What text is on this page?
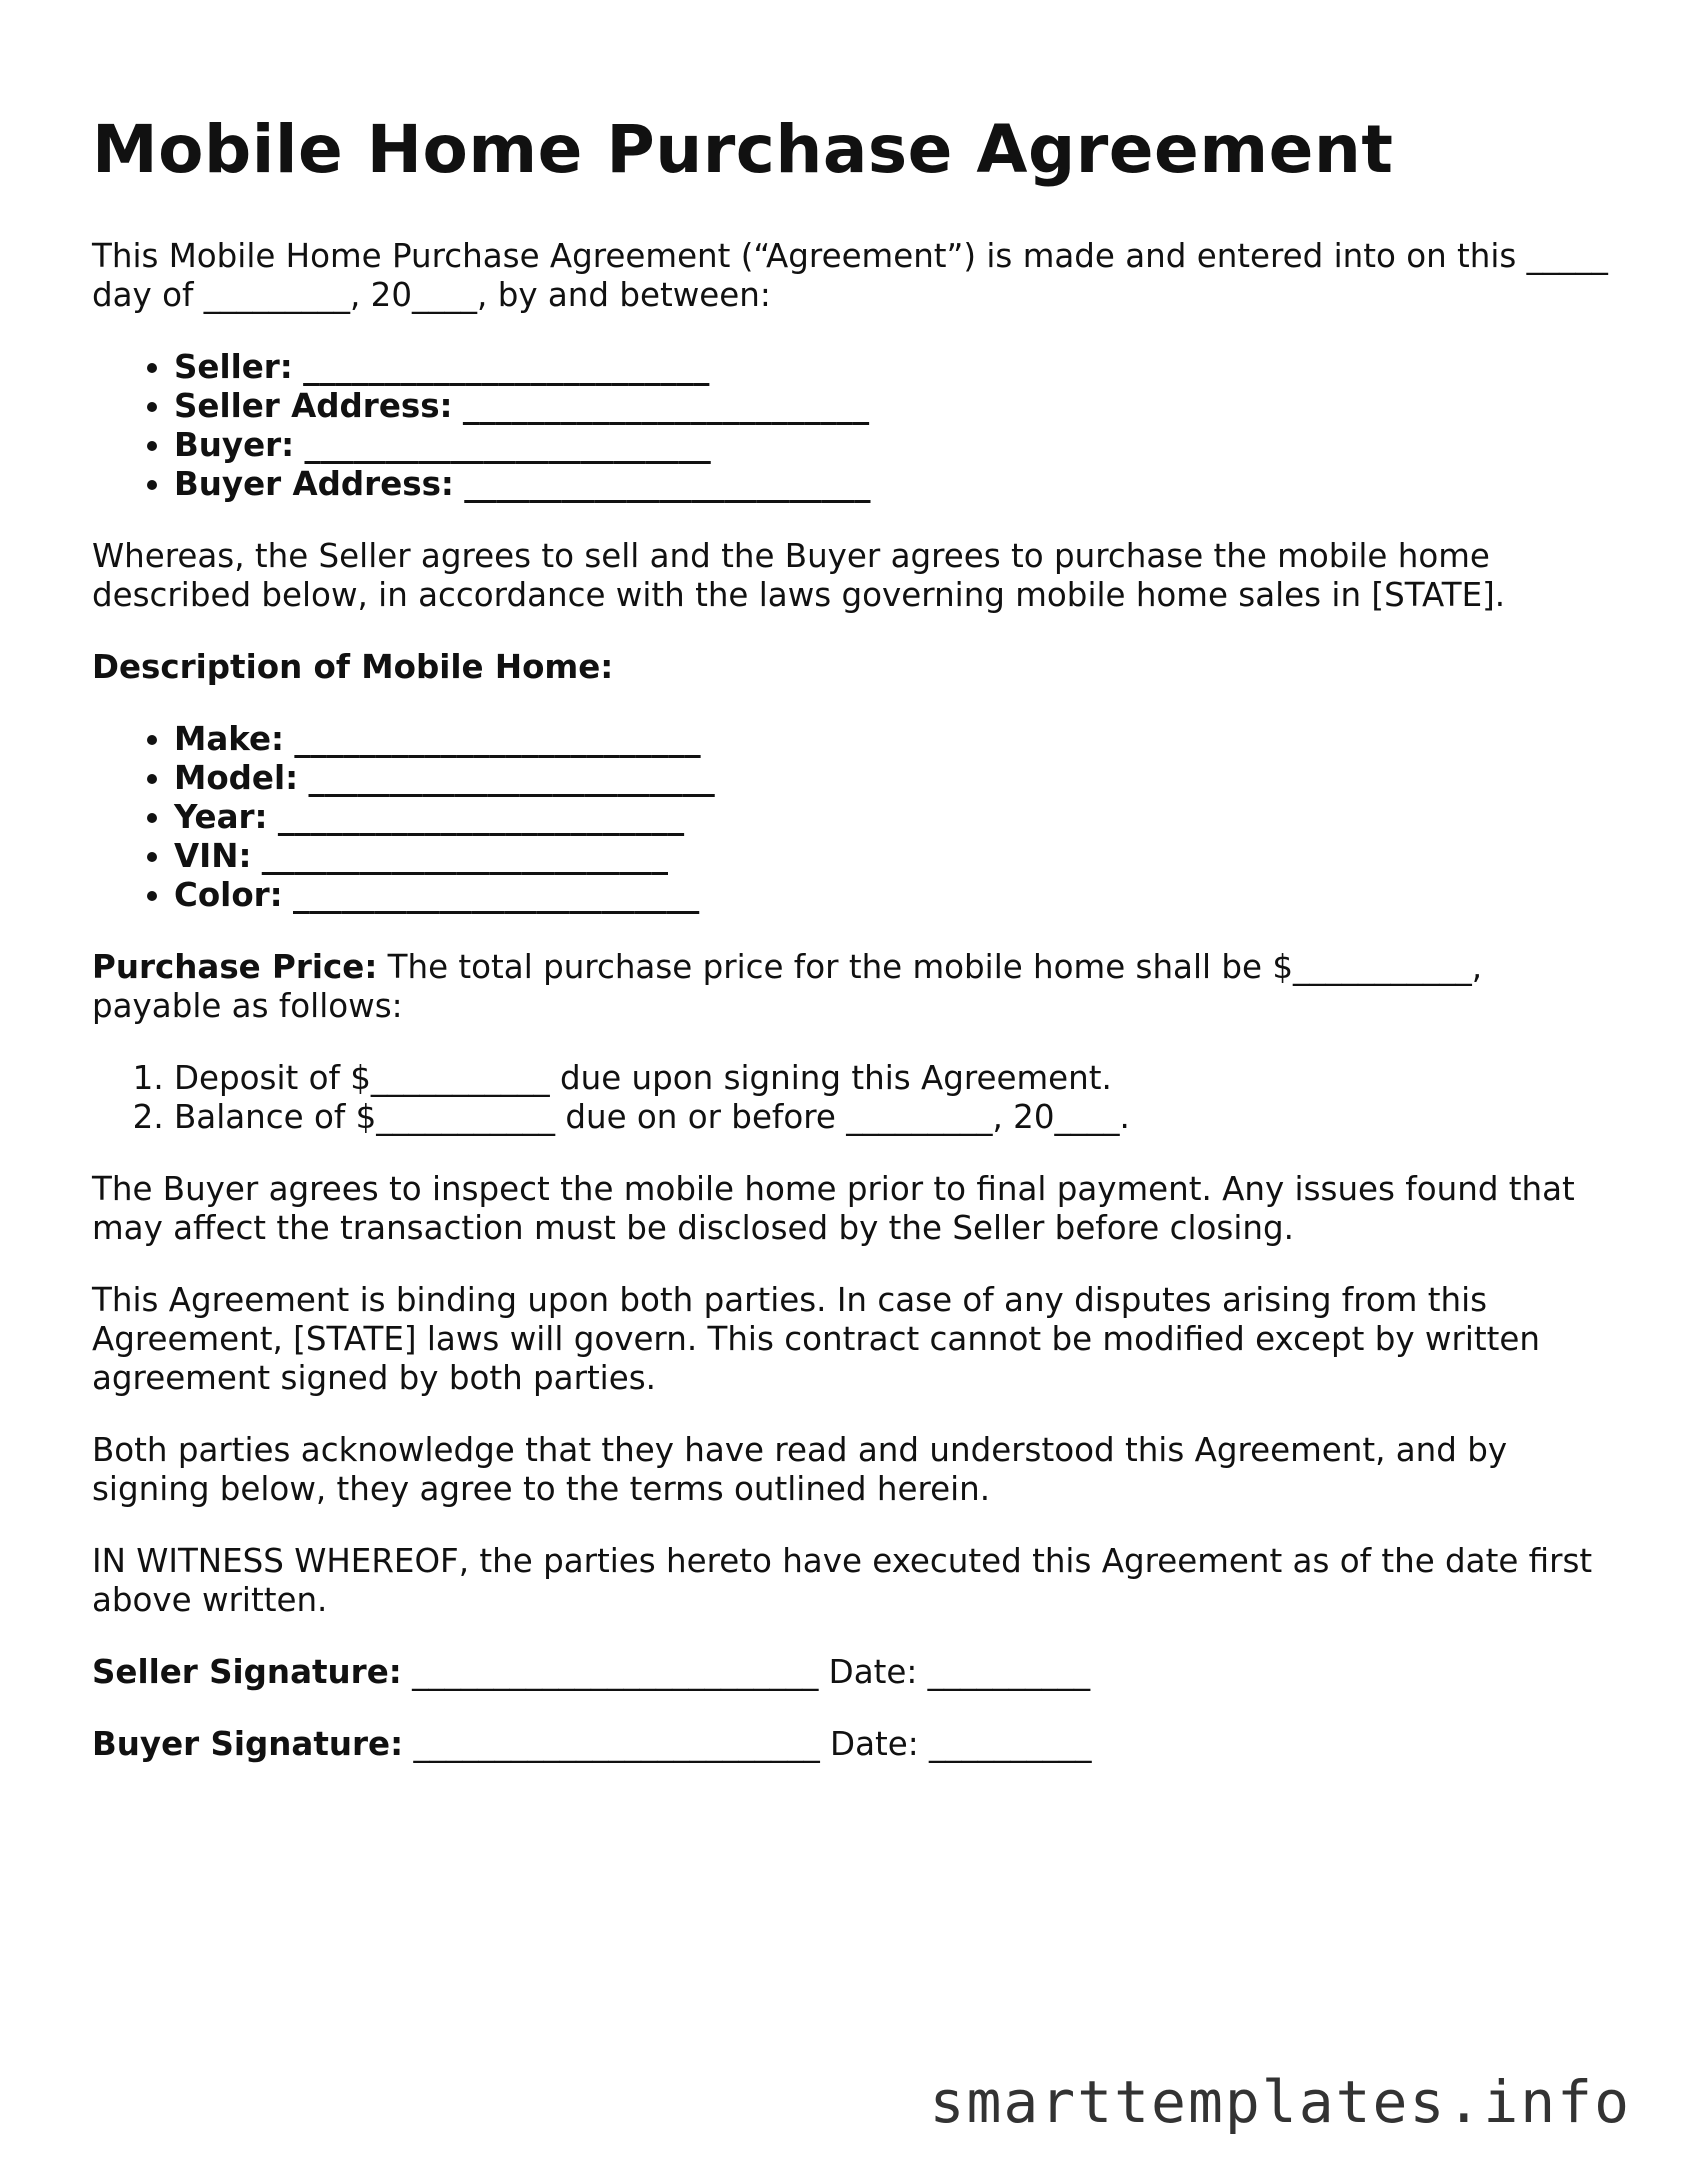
Mobile Home Purchase Agreement

This Mobile Home Purchase Agreement (“Agreement”) is made and entered into on this _____ day of _________, 20____, by and between:

• Seller: _________________________
• Seller Address: _________________________
• Buyer: _________________________
• Buyer Address: _________________________

Whereas, the Seller agrees to sell and the Buyer agrees to purchase the mobile home described below, in accordance with the laws governing mobile home sales in [STATE].

Description of Mobile Home:

• Make: _________________________
• Model: _________________________
• Year: _________________________
• VIN: _________________________
• Color: _________________________

Purchase Price: The total purchase price for the mobile home shall be $___________, payable as follows:

1. Deposit of $___________ due upon signing this Agreement.
2. Balance of $___________ due on or before _________, 20____.

The Buyer agrees to inspect the mobile home prior to final payment. Any issues found that may affect the transaction must be disclosed by the Seller before closing.

This Agreement is binding upon both parties. In case of any disputes arising from this Agreement, [STATE] laws will govern. This contract cannot be modified except by written agreement signed by both parties.

Both parties acknowledge that they have read and understood this Agreement, and by signing below, they agree to the terms outlined herein.

IN WITNESS WHEREOF, the parties hereto have executed this Agreement as of the date first above written.

Seller Signature: _________________________ Date: __________
Buyer Signature: _________________________ Date: __________
smarttemplates.info
